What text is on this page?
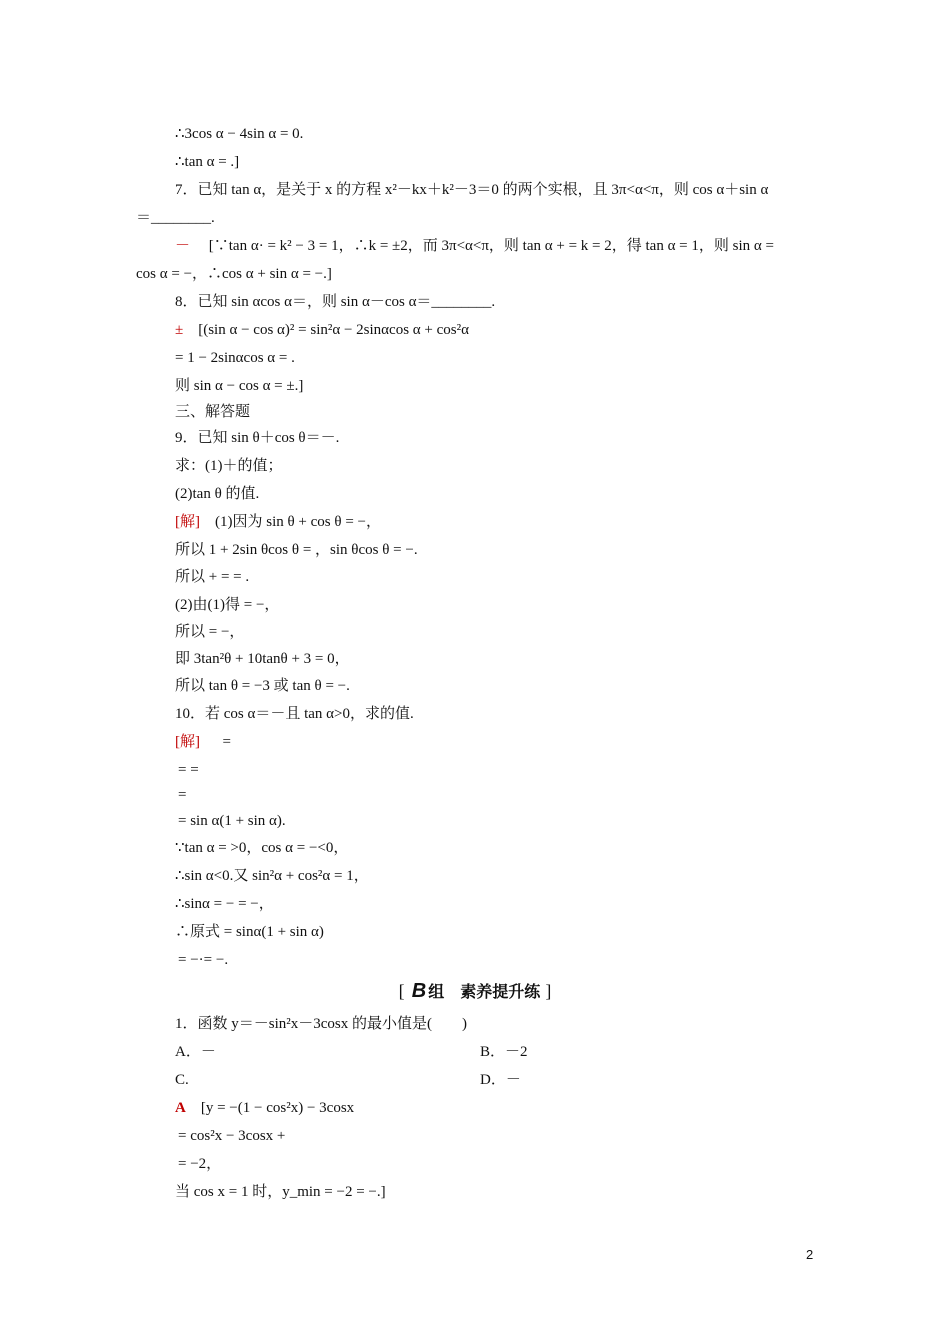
∴3cos α − 4sin α = 0.
∴tan α = .]
7．已知 tan α，是关于 x 的方程 x²－kx＋k²－3＝0 的两个实根，且 3π<α<π，则 cos α＋sin α
＝________.
－ [∵tan α· = k² − 3 = 1，∴k = ±2，而 3π<α<π，则 tan α + = k = 2，得 tan α = 1，则 sin α =
cos α = −，∴cos α + sin α = −.]
8．已知 sin αcos α＝，则 sin α－cos α＝________.
± [(sin α − cos α)² = sin²α − 2sinαcos α + cos²α
= 1 − 2sinαcos α = .
则 sin α − cos α = ±.]
三、解答题
9．已知 sin θ＋cos θ＝－.
求：(1)＋的值；
(2)tan θ 的值.
[解] (1)因为 sin θ + cos θ = −，
所以 1 + 2sin θcos θ = ，sin θcos θ = −.
所以 + = = .
(2)由(1)得 = −，
所以 = −，
即 3tan²θ + 10tanθ + 3 = 0，
所以 tan θ = −3 或 tan θ = −.
10．若 cos α＝－且 tan α>0，求的值.
[解] =
= =
=
= sin α(1 + sin α).
∵tan α = >0，cos α = −<0，
∴sin α<0.又 sin²α + cos²α = 1，
∴sinα = − = −，
∴原式 = sinα(1 + sin α)
= −·= −.
[ B 组　素养提升练 ]
1．函数 y＝－sin²x－3cosx 的最小值是(　　)
A．－	B．－2
C.	D．－
A [y = −(1 − cos²x) − 3cosx
= cos²x − 3cosx +
= −2，
当 cos x = 1 时，y_min = −2 = −.]
2
